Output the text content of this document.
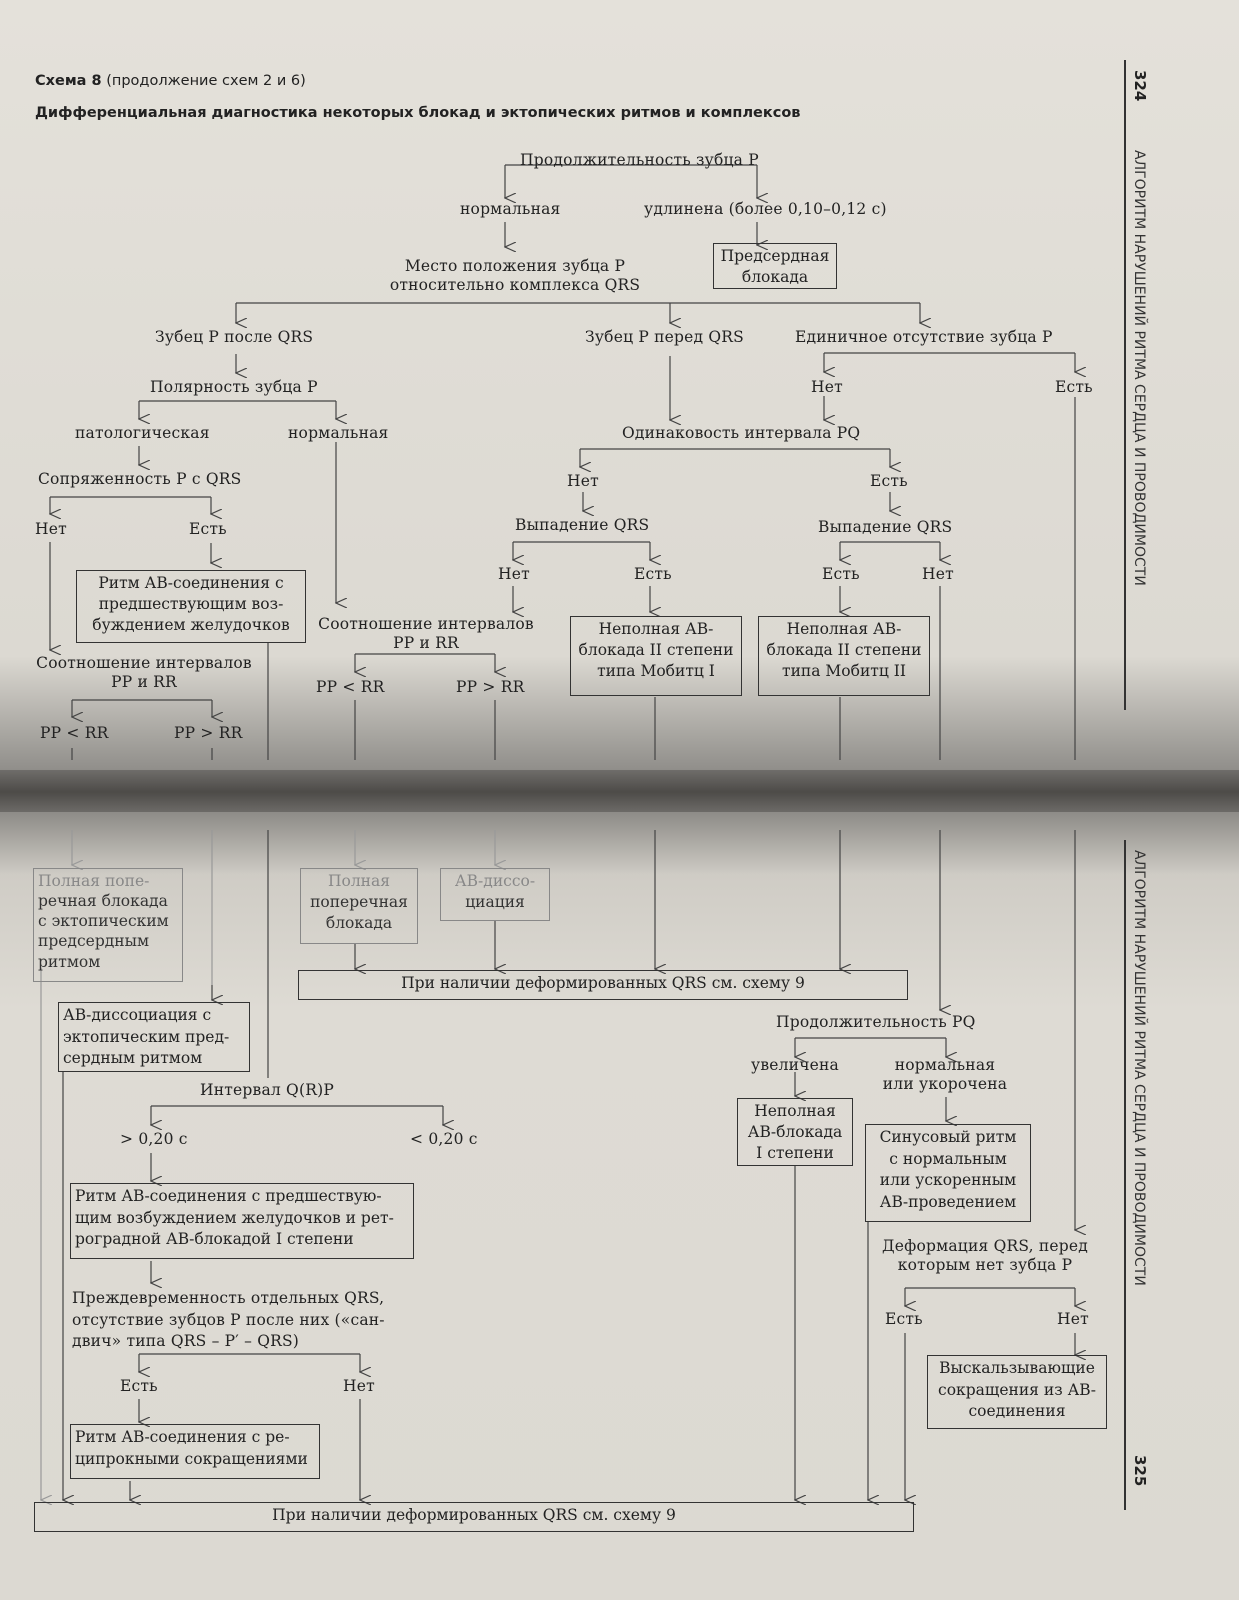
Схема 8 (продолжение схем 2 и 6)
Дифференциальная диагностика некоторых блокад и эктопических ритмов и комплексов
324
АЛГОРИТМ НАРУШЕНИЙ РИТМА СЕРДЦА И ПРОВОДИМОСТИ
АЛГОРИТМ НАРУШЕНИЙ РИТМА СЕРДЦА И ПРОВОДИМОСТИ
325
Продолжительность зубца P
нормальная	удлинена (более 0,10–0,12 с)
Предсердная
блокада
Место положения зубца P
относительно комплекса QRS
Зубец P после QRS	Зубец P перед QRS	Единичное отсутствие зубца P
Полярность зубца P	Нет	Есть
патологическая	нормальная	Одинаковость интервала PQ
Сопряженность P с QRS	Нет	Есть
Нет	Есть	Выпадение QRS	Выпадение QRS
Нет	Есть	Есть	Нет
Ритм АВ-соединения с
предшествующим воз-
буждением желудочков	Соотношение интервалов
PP и RR
Неполная АВ-
блокада II степени
типа Мобитц I
Неполная АВ-
блокада II степени
типа Мобитц II
Соотношение интервалов
PP и RR	PP < RR	PP > RR
PP < RR	PP > RR
Полная попе-
речная блокада
с эктопическим
предсердным
ритмом
Полная
поперечная
блокада
АВ-диссо-
циация
При наличии деформированных QRS см. схему 9
АВ-диссоциация с
эктопическим пред-
сердным ритмом
Продолжительность PQ
увеличена	нормальная
или укорочена
Интервал Q(R)P
Неполная
АВ-блокада
I степени
> 0,20 с	< 0,20 с	Синусовый ритм
с нормальным
или ускоренным
АВ-проведением
Ритм АВ-соединения с предшествую-
щим возбуждением желудочков и рет-
роградной АВ-блокадой I степени	Деформация QRS, перед
которым нет зубца P
Преждевременность отдельных QRS,
отсутствие зубцов P после них («сан-
двич» типа QRS – P′ – QRS)
Есть	Нет
Выскальзывающие
сокращения из АВ-
соединения
Есть	Нет
Ритм АВ-соединения с ре-
ципрокными сокращениями
При наличии деформированных QRS см. схему 9
